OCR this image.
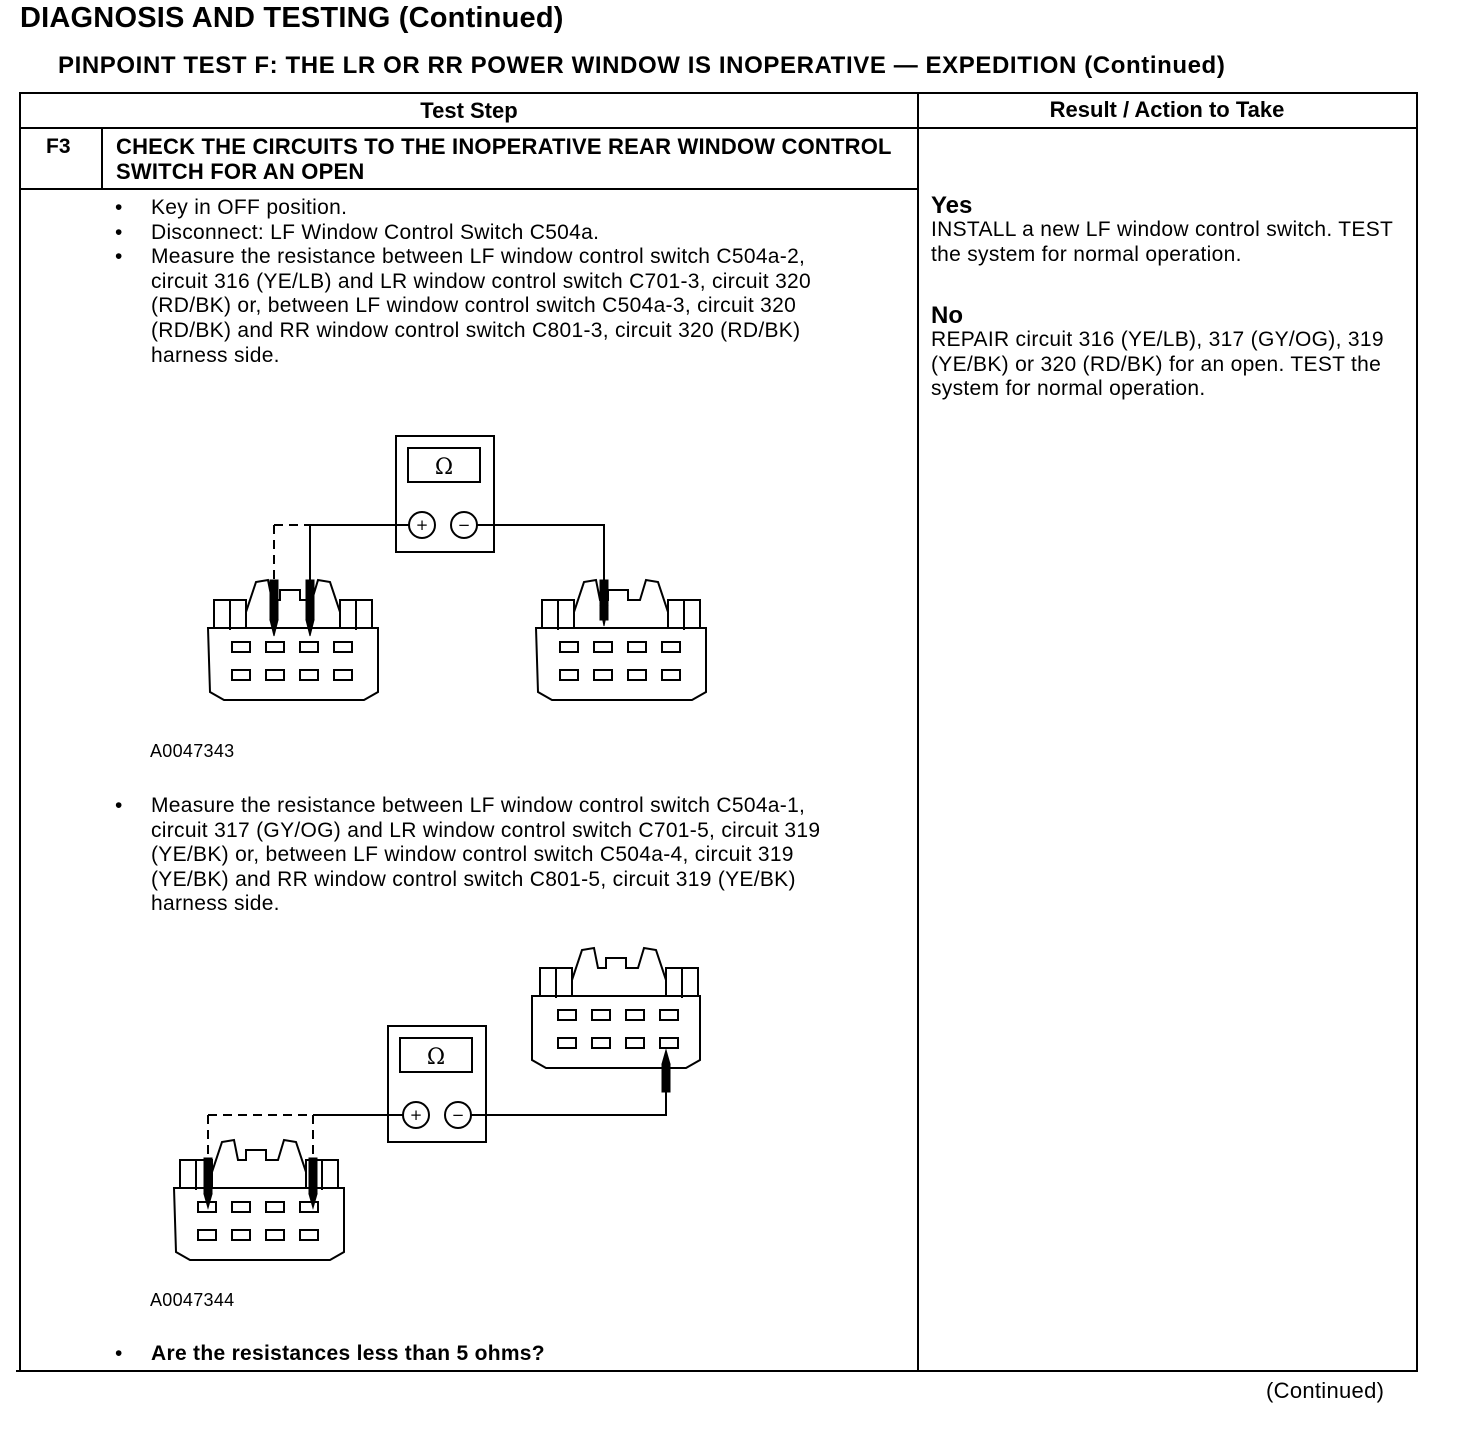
DIAGNOSIS AND TESTING (Continued)
PINPOINT TEST F: THE LR OR RR POWER WINDOW IS INOPERATIVE — EXPEDITION (Continued)
Test Step	Result / Action to Take
F3 CHECK THE CIRCUITS TO THE INOPERATIVE REAR WINDOW CONTROL SWITCH FOR AN OPEN
• Key in OFF position.
• Disconnect: LF Window Control Switch C504a.
• Measure the resistance between LF window control switch C504a-2, circuit 316 (YE/LB) and LR window control switch C701-3, circuit 320 (RD/BK) or, between LF window control switch C504a-3, circuit 320 (RD/BK) and RR window control switch C801-3, circuit 320 (RD/BK) harness side.
Ω
+ −
A0047343
• Measure the resistance between LF window control switch C504a-1, circuit 317 (GY/OG) and LR window control switch C701-5, circuit 319 (YE/BK) or, between LF window control switch C504a-4, circuit 319 (YE/BK) and RR window control switch C801-5, circuit 319 (YE/BK) harness side.
Ω
+ −
A0047344

• Are the resistances less than 5 ohms?

Yes

INSTALL a new LF window control switch. TEST the system for normal operation.

No

REPAIR circuit 316 (YE/LB), 317 (GY/OG), 319 (YE/BK) or 320 (RD/BK) for an open. TEST the system for normal operation.

(Continued)
